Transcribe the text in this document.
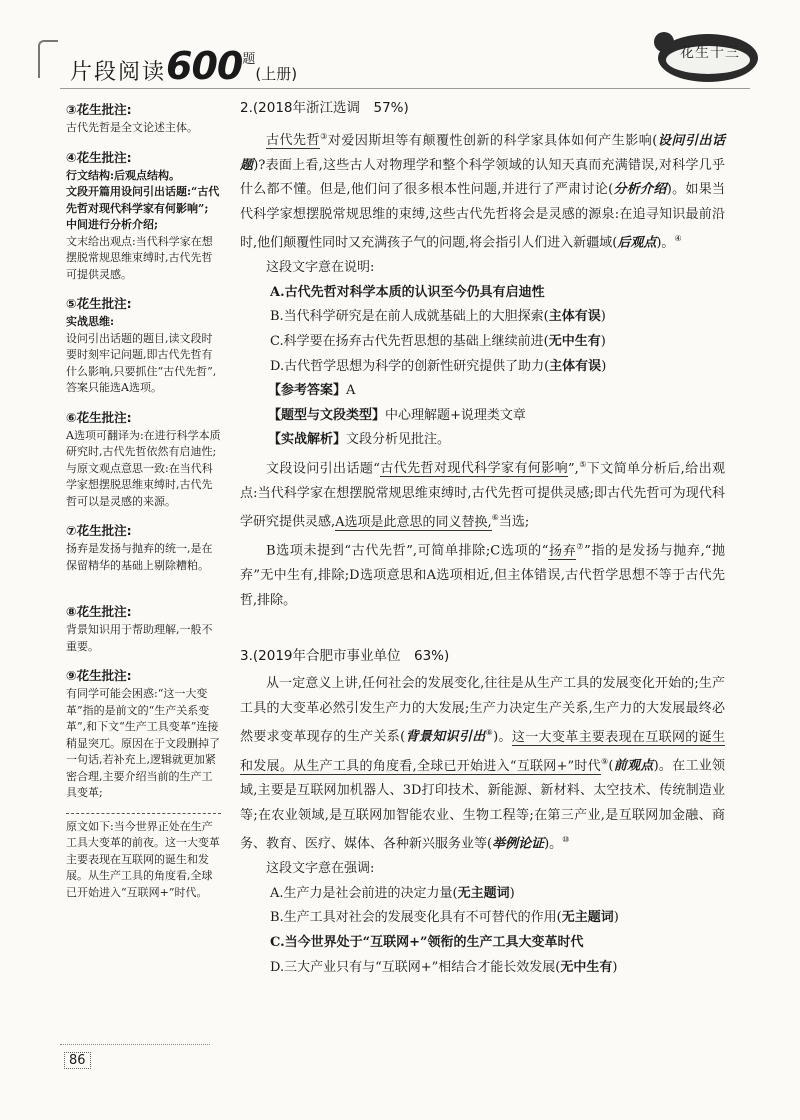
片段阅读$600^题$(上册)
花生十三
③花生批注:
古代先哲是全文论述主体。
④花生批注:
行文结构:后观点结构。
文段开篇用设问引出话题:“古代先哲对现代科学家有何影响”;
中间进行分析介绍;
文末给出观点:当代科学家在想摆脱常规思维束缚时,古代先哲可提供灵感。
⑤花生批注:
实战思维:
设问引出话题的题目,读文段时要时刻牢记问题,即古代先哲有什么影响,只要抓住“古代先哲”,答案只能选A选项。
⑥花生批注:
A选项可翻译为:在进行科学本质研究时,古代先哲依然有启迪性;
与原文观点意思一致:在当代科学家想摆脱思维束缚时,古代先哲可以是灵感的来源。
⑦花生批注:
扬弃是发扬与抛弃的统一,是在保留精华的基础上剔除糟粕。
⑧花生批注:
背景知识用于帮助理解,一般不重要。
⑨花生批注:
有同学可能会困惑:“这一大变革”指的是前文的“生产关系变革”,和下文“生产工具变革”连接稍显突兀。原因在于文段删掉了一句话,若补充上,逻辑就更加紧密合理,主要介绍当前的生产工具变革;
原文如下:当今世界正处在生产工具大变革的前夜。这一大变革主要表现在互联网的诞生和发展。从生产工具的角度看,全球已开始进入“互联网+”时代。
2.(2018年浙江选调　57%)

古代先哲③对爱因斯坦等有颠覆性创新的科学家具体如何产生影响(设问引出话题)?表面上看,这些古人对物理学和整个科学领域的认知天真而充满错误,对科学几乎什么都不懂。但是,他们问了很多根本性问题,并进行了严肃讨论(分析介绍)。如果当代科学家想摆脱常规思维的束缚,这些古代先哲将会是灵感的源泉:在追寻知识最前沿时,他们颠覆性同时又充满孩子气的问题,将会指引人们进入新疆域(后观点)。④

这段文字意在说明:

A.古代先哲对科学本质的认识至今仍具有启迪性

B.当代科学研究是在前人成就基础上的大胆探索(主体有误)

C.科学要在扬弃古代先哲思想的基础上继续前进(无中生有)

D.古代哲学思想为科学的创新性研究提供了助力(主体有误)

【参考答案】A

【题型与文段类型】中心理解题+说理类文章

【实战解析】文段分析见批注。

文段设问引出话题“古代先哲对现代科学家有何影响”,⑤下文简单分析后,给出观点:当代科学家在想摆脱常规思维束缚时,古代先哲可提供灵感;即古代先哲可为现代科学研究提供灵感,A选项是此意思的同义替换,⑥当选;

B选项未提到“古代先哲”,可简单排除;C选项的“扬弃⑦”指的是发扬与抛弃,“抛弃”无中生有,排除;D选项意思和A选项相近,但主体错误,古代哲学思想不等于古代先哲,排除。

3.(2019年合肥市事业单位　63%)

从一定意义上讲,任何社会的发展变化,往往是从生产工具的发展变化开始的;生产工具的大变革必然引发生产力的大发展;生产力决定生产关系,生产力的大发展最终必然要求变革现存的生产关系(背景知识引出⑧)。这一大变革主要表现在互联网的诞生和发展。从生产工具的角度看,全球已开始进入“互联网+”时代⑨(前观点)。在工业领域,主要是互联网加机器人、3D打印技术、新能源、新材料、太空技术、传统制造业等;在农业领域,是互联网加智能农业、生物工程等;在第三产业,是互联网加金融、商务、教育、医疗、媒体、各种新兴服务业等(举例论证)。⑩

这段文字意在强调:

A.生产力是社会前进的决定力量(无主题词)

B.生产工具对社会的发展变化具有不可替代的作用(无主题词)

C.当今世界处于“互联网+”领衔的生产工具大变革时代

D.三大产业只有与“互联网+”相结合才能长效发展(无中生有)

86
